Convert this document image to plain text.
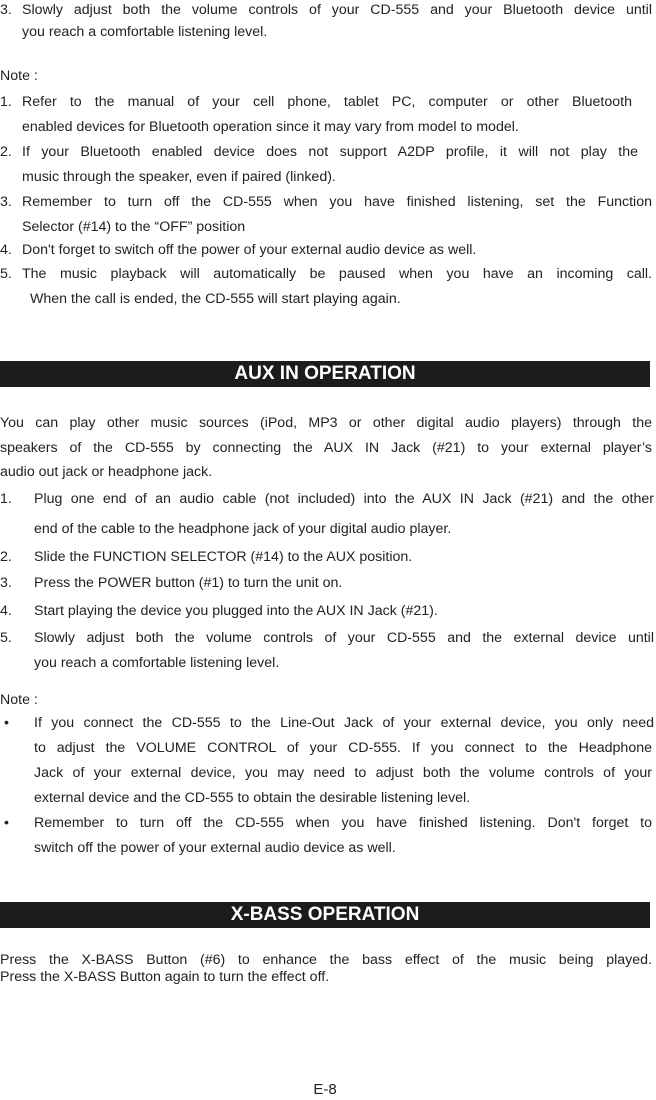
3. Slowly adjust both the volume controls of your CD-555 and your Bluetooth device until
you reach a comfortable listening level.
Note :
1. Refer to the manual of your cell phone, tablet PC, computer or other Bluetooth
enabled devices for Bluetooth operation since it may vary from model to model.
2. If your Bluetooth enabled device does not support A2DP profile, it will not play the
music through the speaker, even if paired (linked).
3. Remember to turn off the CD-555 when you have finished listening, set the Function
Selector (#14) to the “OFF” position
4. Don't forget to switch off the power of your external audio device as well.
5. The music playback will automatically be paused when you have an incoming call.
When the call is ended, the CD-555 will start playing again.
AUX IN OPERATION
You can play other music sources (iPod, MP3 or other digital audio players) through the
speakers of the CD-555 by connecting the AUX IN Jack (#21) to your external player’s
audio out jack or headphone jack.
1. Plug one end of an audio cable (not included) into the AUX IN Jack (#21) and the other
end of the cable to the headphone jack of your digital audio player.
2. Slide the FUNCTION SELECTOR (#14) to the AUX position.
3. Press the POWER button (#1) to turn the unit on.
4. Start playing the device you plugged into the AUX IN Jack (#21).
5. Slowly adjust both the volume controls of your CD-555 and the external device until
you reach a comfortable listening level.
Note :
• If you connect the CD-555 to the Line-Out Jack of your external device, you only need
to adjust the VOLUME CONTROL of your CD-555. If you connect to the Headphone
Jack of your external device, you may need to adjust both the volume controls of your
external device and the CD-555 to obtain the desirable listening level.
• Remember to turn off the CD-555 when you have finished listening. Don't forget to
switch off the power of your external audio device as well.
X-BASS OPERATION
Press the X-BASS Button (#6) to enhance the bass effect of the music being played.
Press the X-BASS Button again to turn the effect off.
E-8
